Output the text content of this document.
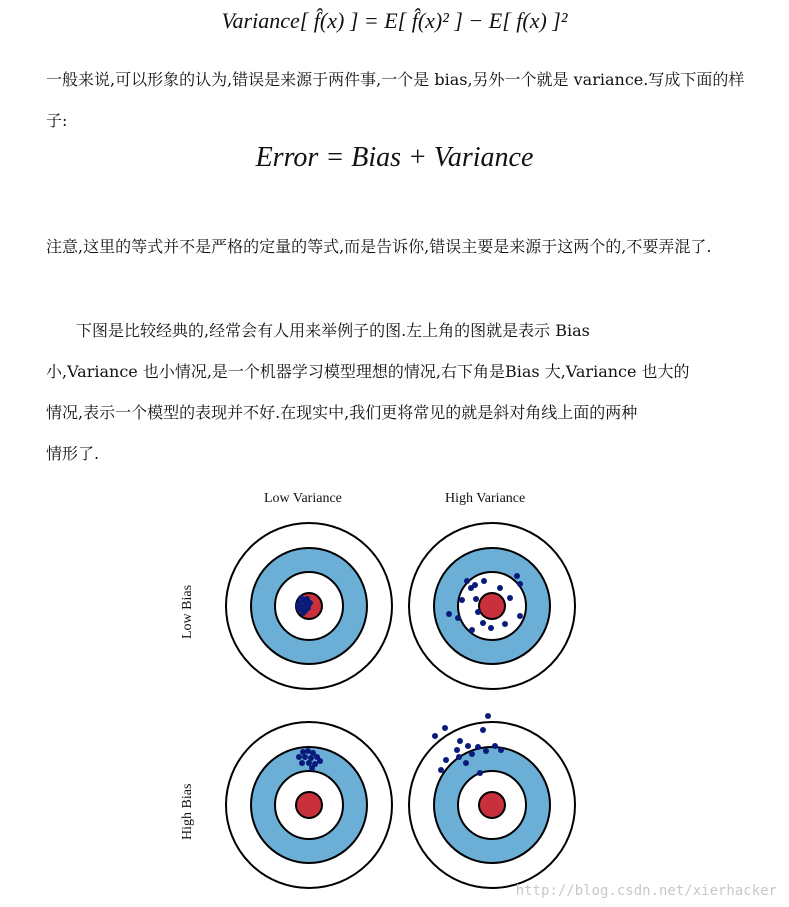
Variance[ f̂(x) ] = E[ f̂(x)² ] − E[ f(x) ]²
一般来说,可以形象的认为,错误是来源于两件事,一个是 bias,另外一个就是 variance.写成下面的样子:
Error = Bias + Variance
注意,这里的等式并不是严格的定量的等式,而是告诉你,错误主要是来源于这两个的,不要弄混了.
下图是比较经典的,经常会有人用来举例子的图.左上角的图就是表示 Bias
小,Variance 也小情况,是一个机器学习模型理想的情况,右下角是Bias 大,Variance 也大的
情况,表示一个模型的表现并不好.在现实中,我们更将常见的就是斜对角线上面的两种
情形了.
Low Variance	High Variance
Low Bias
High Bias
http://blog.csdn.net/xierhacker
